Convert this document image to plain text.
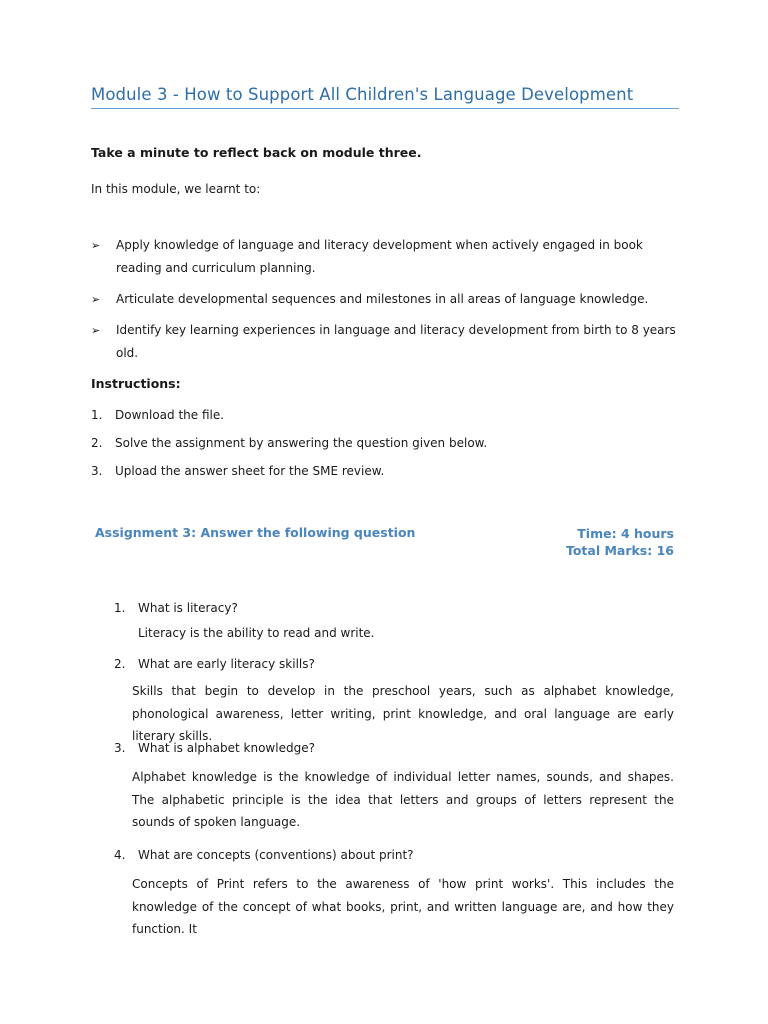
Module 3 - How to Support All Children's Language Development
Take a minute to reflect back on module three.
In this module, we learnt to:
➢ Apply knowledge of language and literacy development when actively engaged in book reading and curriculum planning.
➢ Articulate developmental sequences and milestones in all areas of language knowledge.
➢ Identify key learning experiences in language and literacy development from birth to 8 years old.
Instructions:
1. Download the file.
2. Solve the assignment by answering the question given below.
3. Upload the answer sheet for the SME review.
Assignment 3: Answer the following question	Time: 4 hours
Total Marks: 16
1. What is literacy?
Literacy is the ability to read and write.
2. What are early literacy skills?
Skills that begin to develop in the preschool years, such as alphabet knowledge, phonological awareness, letter writing, print knowledge, and oral language are early literary skills.
3. What is alphabet knowledge?
Alphabet knowledge is the knowledge of individual letter names, sounds, and shapes. The alphabetic principle is the idea that letters and groups of letters represent the sounds of spoken language.
4. What are concepts (conventions) about print?
Concepts of Print refers to the awareness of 'how print works'. This includes the knowledge of the concept of what books, print, and written language are, and how they function. It
